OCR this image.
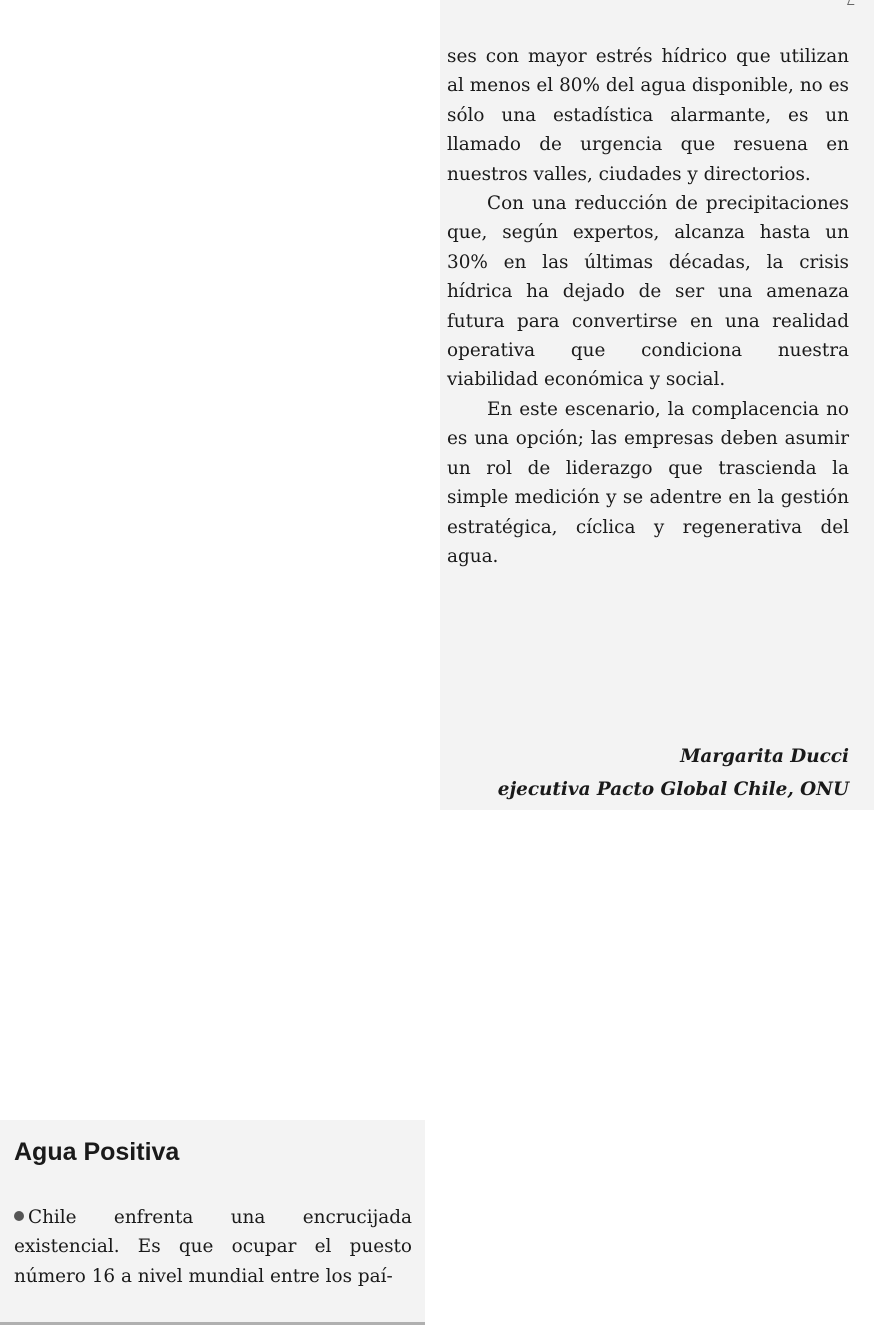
ses con mayor estrés hídrico que utilizan al menos el 80% del agua disponible, no es sólo una estadística alarmante, es un llamado de urgencia que resuena en nuestros valles, ciudades y directorios.

Con una reducción de precipitaciones que, según expertos, alcanza hasta un 30% en las últimas décadas, la crisis hídrica ha dejado de ser una amenaza futura para convertirse en una realidad operativa que condiciona nuestra viabilidad económica y social.

En este escenario, la complacencia no es una opción; las empresas deben asumir un rol de liderazgo que trascienda la simple medición y se adentre en la gestión estratégica, cíclica y regenerativa del agua.

Margarita Ducci
ejecutiva Pacto Global Chile, ONU
Agua Positiva
Chile enfrenta una encrucijada existencial. Es que ocupar el puesto número 16 a nivel mundial entre los paí-
